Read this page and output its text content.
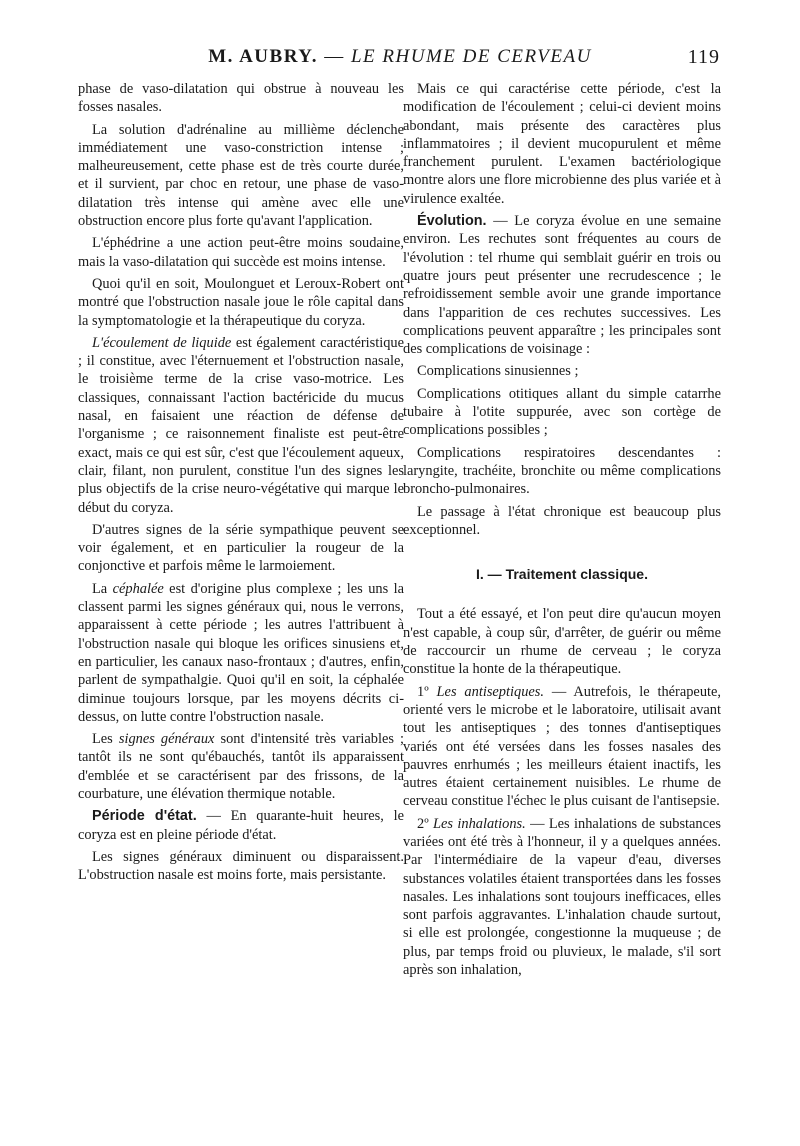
M. AUBRY. — LE RHUME DE CERVEAU	119

phase de vaso-dilatation qui obstrue à nouveau les fosses nasales.

La solution d'adrénaline au millième déclenche immédiatement une vaso-constriction intense ; malheureusement, cette phase est de très courte durée, et il survient, par choc en retour, une phase de vaso-dilatation très intense qui amène avec elle une obstruction encore plus forte qu'avant l'application.

L'éphédrine a une action peut-être moins soudaine, mais la vaso-dilatation qui succède est moins intense.

Quoi qu'il en soit, Moulonguet et Leroux-Robert ont montré que l'obstruction nasale joue le rôle capital dans la symptomatologie et la thérapeutique du coryza.

L'écoulement de liquide est également caractéristique ; il constitue, avec l'éternuement et l'obstruction nasale, le troisième terme de la crise vaso-motrice. Les classiques, connaissant l'action bactéricide du mucus nasal, en faisaient une réaction de défense de l'organisme ; ce raisonnement finaliste est peut-être exact, mais ce qui est sûr, c'est que l'écoulement aqueux, clair, filant, non purulent, constitue l'un des signes les plus objectifs de la crise neuro-végétative qui marque le début du coryza.

D'autres signes de la série sympathique peuvent se voir également, et en particulier la rougeur de la conjonctive et parfois même le larmoiement.

La céphalée est d'origine plus complexe ; les uns la classent parmi les signes généraux qui, nous le verrons, apparaissent à cette période ; les autres l'attribuent à l'obstruction nasale qui bloque les orifices sinusiens et, en particulier, les canaux naso-frontaux ; d'autres, enfin, parlent de sympathalgie. Quoi qu'il en soit, la céphalée diminue toujours lorsque, par les moyens décrits ci-dessus, on lutte contre l'obstruction nasale.

Les signes généraux sont d'intensité très variables ; tantôt ils ne sont qu'ébauchés, tantôt ils apparaissent d'emblée et se caractérisent par des frissons, de la courbature, une élévation thermique notable.

Période d'état. — En quarante-huit heures, le coryza est en pleine période d'état.

Les signes généraux diminuent ou disparaissent. L'obstruction nasale est moins forte, mais persistante.

Mais ce qui caractérise cette période, c'est la modification de l'écoulement ; celui-ci devient moins abondant, mais présente des caractères plus inflammatoires ; il devient mucopurulent et même franchement purulent. L'examen bactériologique montre alors une flore microbienne des plus variée et à virulence exaltée.

Évolution. — Le coryza évolue en une semaine environ. Les rechutes sont fréquentes au cours de l'évolution : tel rhume qui semblait guérir en trois ou quatre jours peut présenter une recrudescence ; le refroidissement semble avoir une grande importance dans l'apparition de ces rechutes successives. Les complications peuvent apparaître ; les principales sont des complications de voisinage :

Complications sinusiennes ;

Complications otitiques allant du simple catarrhe tubaire à l'otite suppurée, avec son cortège de complications possibles ;

Complications respiratoires descendantes : laryngite, trachéite, bronchite ou même complications broncho-pulmonaires.

Le passage à l'état chronique est beaucoup plus exceptionnel.

I. — Traitement classique.

Tout a été essayé, et l'on peut dire qu'aucun moyen n'est capable, à coup sûr, d'arrêter, de guérir ou même de raccourcir un rhume de cerveau ; le coryza constitue la honte de la thérapeutique.

1º Les antiseptiques. — Autrefois, le thérapeute, orienté vers le microbe et le laboratoire, utilisait avant tout les antiseptiques ; des tonnes d'antiseptiques variés ont été versées dans les fosses nasales des pauvres enrhumés ; les meilleurs étaient inactifs, les autres étaient certainement nuisibles. Le rhume de cerveau constitue l'échec le plus cuisant de l'antisepsie.

2º Les inhalations. — Les inhalations de substances variées ont été très à l'honneur, il y a quelques années. Par l'intermédiaire de la vapeur d'eau, diverses substances volatiles étaient transportées dans les fosses nasales. Les inhalations sont toujours inefficaces, elles sont parfois aggravantes. L'inhalation chaude surtout, si elle est prolongée, congestionne la muqueuse ; de plus, par temps froid ou pluvieux, le malade, s'il sort après son inhalation,
